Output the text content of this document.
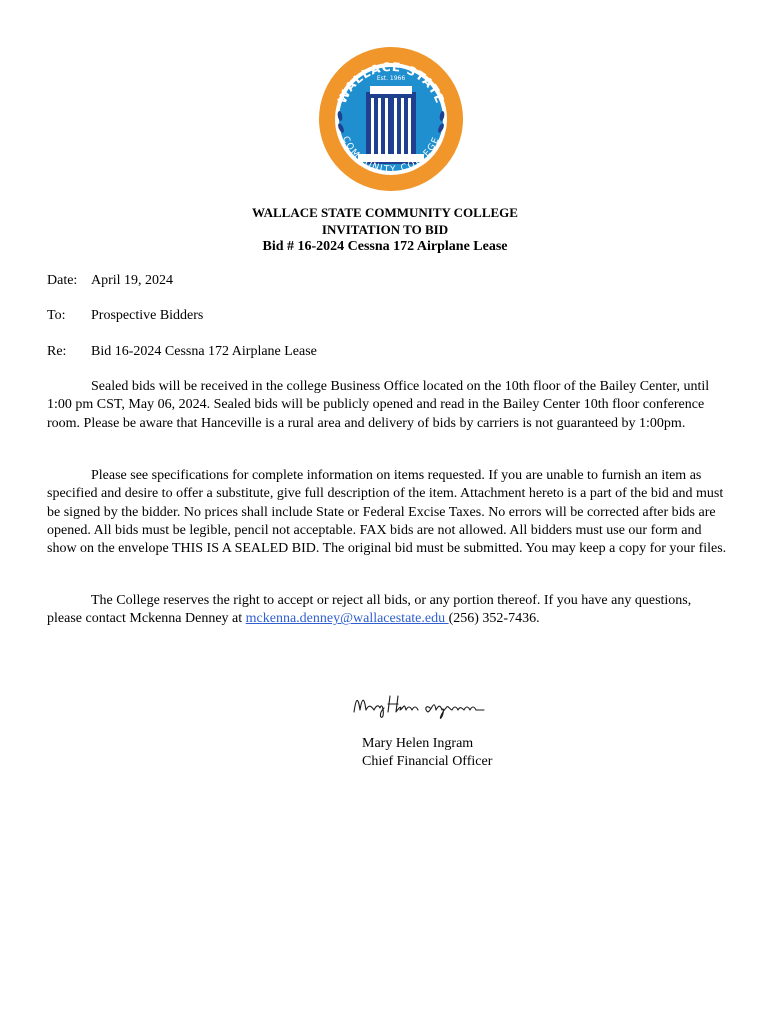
WALLACE STATE
COMMUNITY COLLEGE
Est. 1966
WALLACE STATE COMMUNITY COLLEGE
INVITATION TO BID
Bid # 16-2024 Cessna 172 Airplane Lease
Date: April 19, 2024
To: Prospective Bidders
Re: Bid 16-2024 Cessna 172 Airplane Lease
Sealed bids will be received in the college Business Office located on the 10th floor of the Bailey Center, until 1:00 pm CST, May 06, 2024. Sealed bids will be publicly opened and read in the Bailey Center 10th floor conference room. Please be aware that Hanceville is a rural area and delivery of bids by carriers is not guaranteed by 1:00pm.
Please see specifications for complete information on items requested. If you are unable to furnish an item as specified and desire to offer a substitute, give full description of the item. Attachment hereto is a part of the bid and must be signed by the bidder. No prices shall include State or Federal Excise Taxes. No errors will be corrected after bids are opened. All bids must be legible, pencil not acceptable. FAX bids are not allowed. All bidders must use our form and show on the envelope THIS IS A SEALED BID. The original bid must be submitted. You may keep a copy for your files.
The College reserves the right to accept or reject all bids, or any portion thereof. If you have any questions, please contact Mckenna Denney at mckenna.denney@wallacestate.edu (256) 352-7436.
Mary Helen Ingram
Chief Financial Officer
